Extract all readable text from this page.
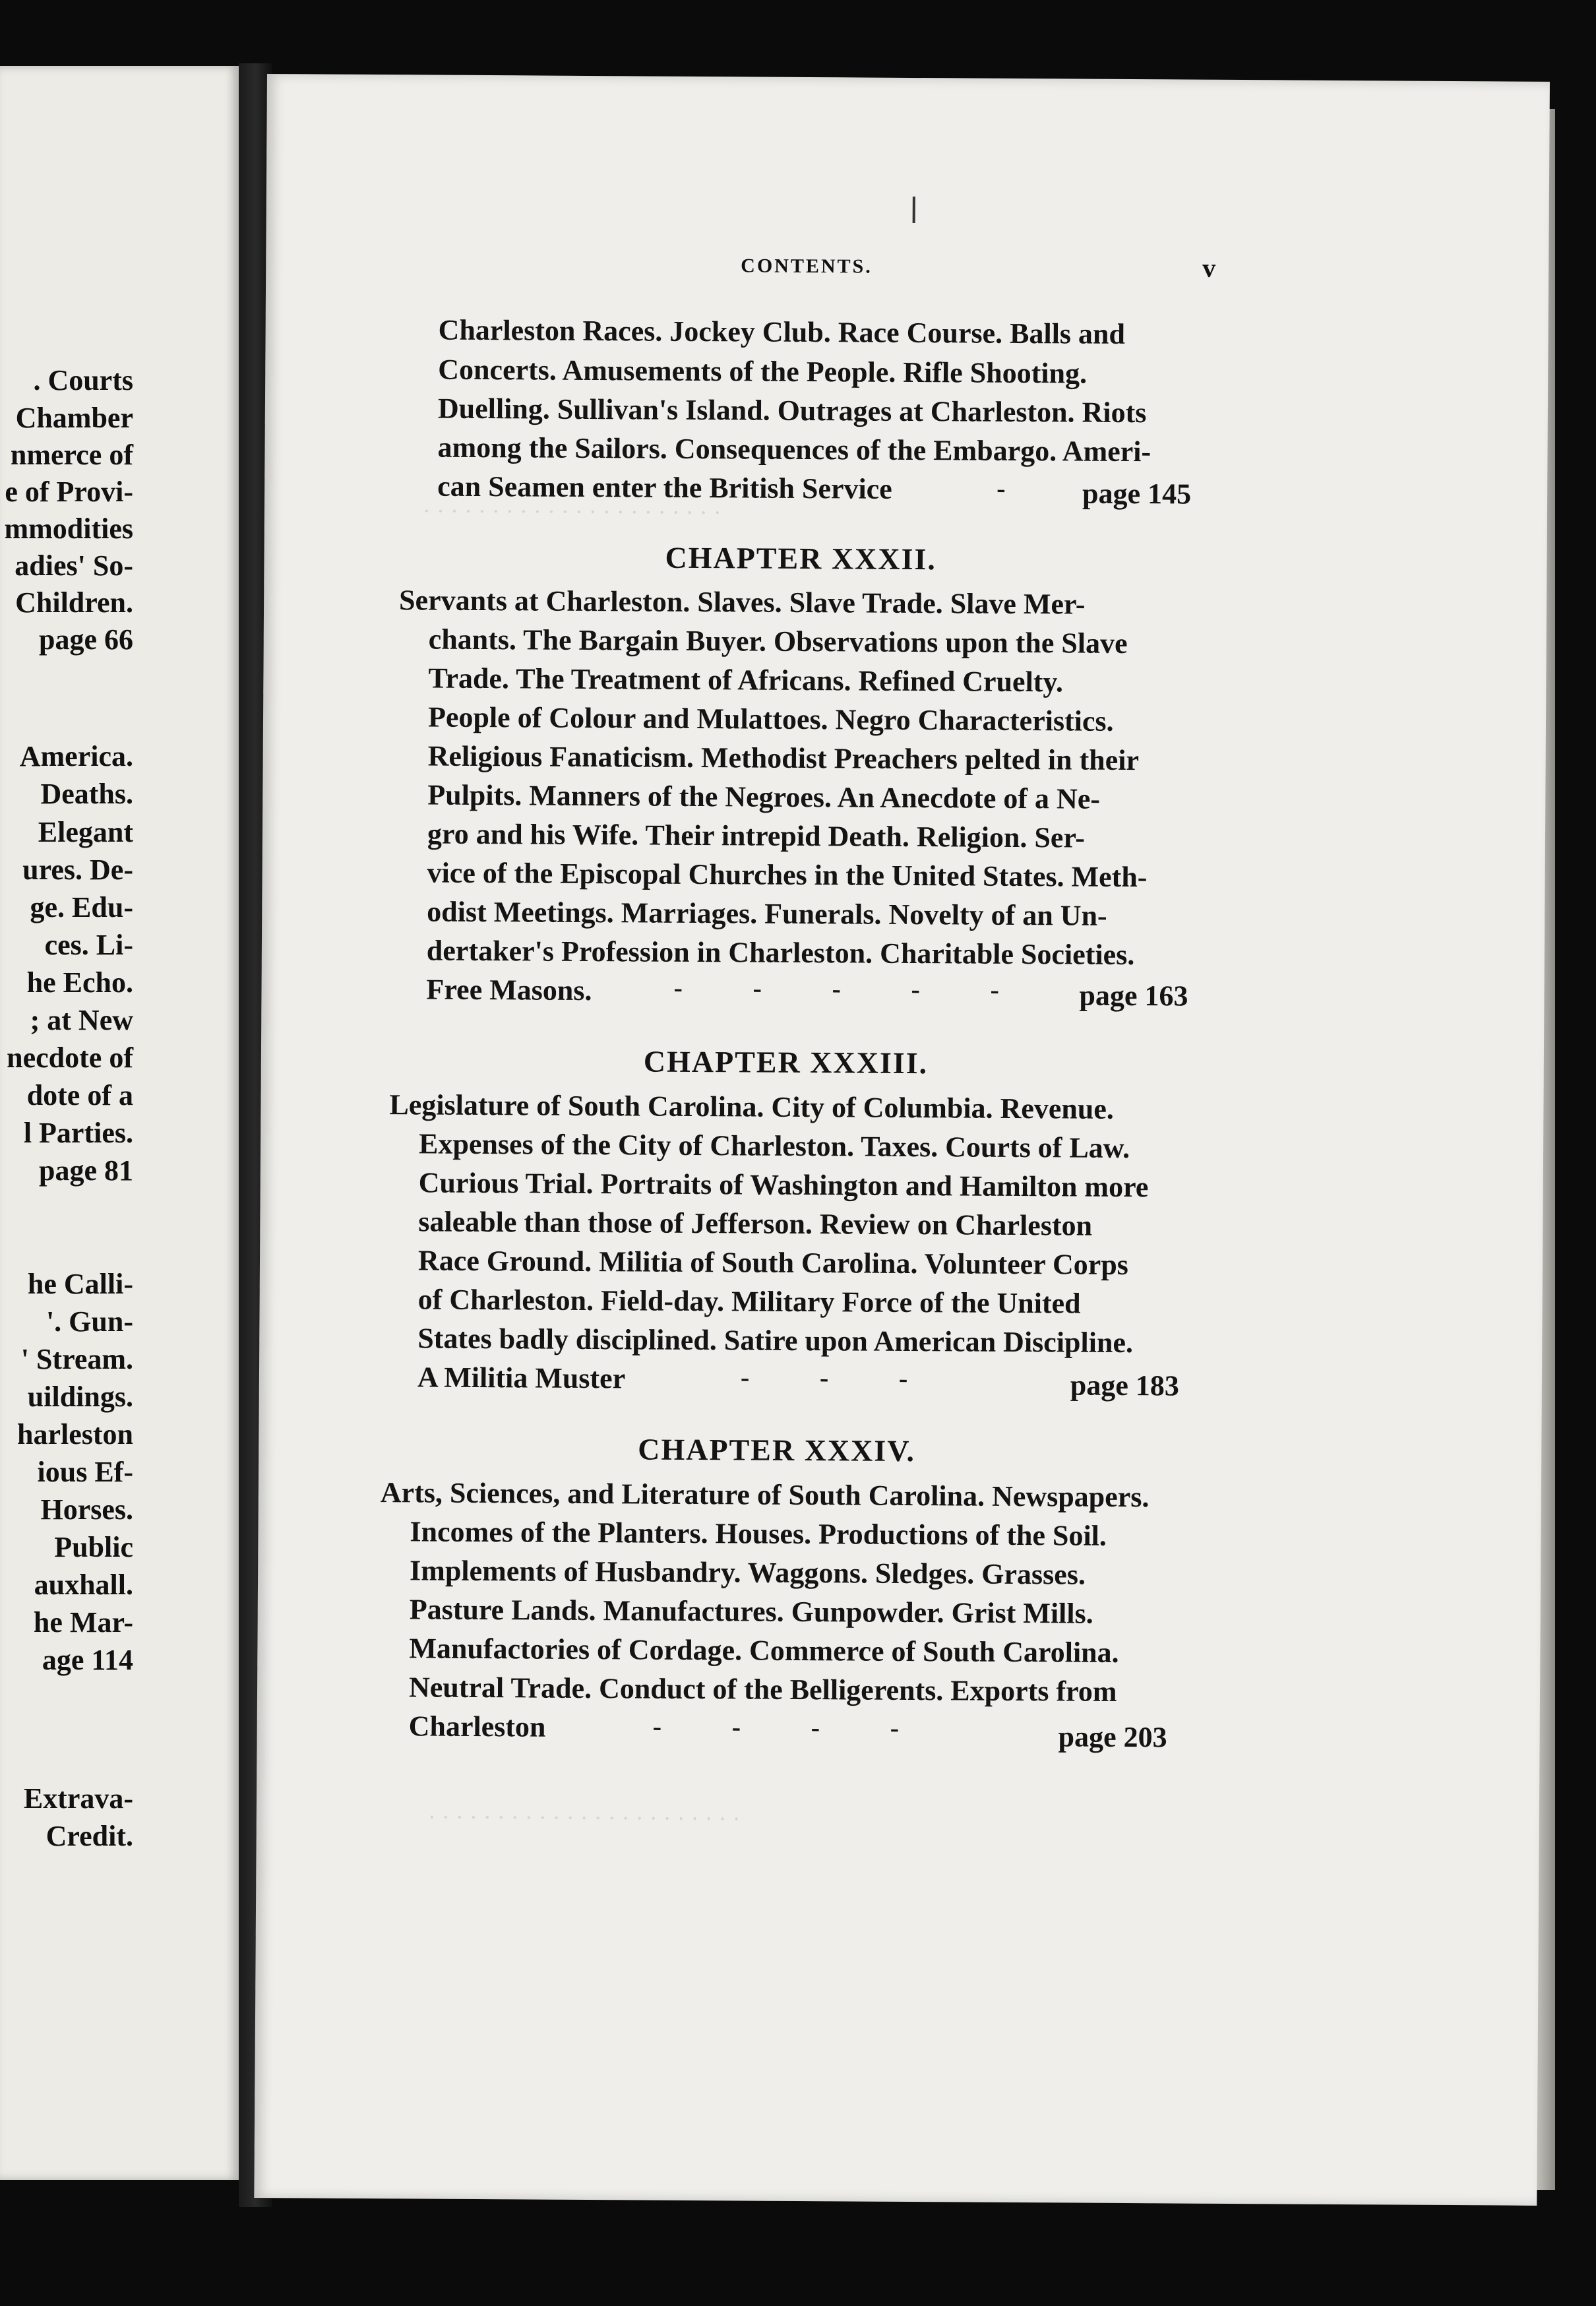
. Courts
Chamber
nmerce of
e of Provi-
mmodities
adies' So-
Children.
page 66
America.
Deaths.
Elegant
ures. De-
ge. Edu-
ces. Li-
he Echo.
; at New
necdote of
dote of a
l Parties.
page 81
he Calli-
'. Gun-
' Stream.
uildings.
harleston
ious Ef-
Horses.
Public
auxhall.
he Mar-
age 114
Extrava-
Credit.
· · · · · · · · · · · · · · · · · · · · · ·
· · · · · · · · · · · · · · · · · · · · · · ·
CONTENTS.	v
Charleston Races. Jockey Club. Race Course. Balls and
Concerts. Amusements of the People. Rifle Shooting.
Duelling. Sullivan's Island. Outrages at Charleston. Riots
among the Sailors. Consequences of the Embargo. Ameri-
can Seamen enter the British Service	-	page 145
CHAPTER XXXII.
Servants at Charleston. Slaves. Slave Trade. Slave Mer-
chants. The Bargain Buyer. Observations upon the Slave
Trade. The Treatment of Africans. Refined Cruelty.
People of Colour and Mulattoes. Negro Characteristics.
Religious Fanaticism. Methodist Preachers pelted in their
Pulpits. Manners of the Negroes. An Anecdote of a Ne-
gro and his Wife. Their intrepid Death. Religion. Ser-
vice of the Episcopal Churches in the United States. Meth-
odist Meetings. Marriages. Funerals. Novelty of an Un-
dertaker's Profession in Charleston. Charitable Societies.
Free Masons.	-	-	-	-	-	page 163
CHAPTER XXXIII.
Legislature of South Carolina. City of Columbia. Revenue.
Expenses of the City of Charleston. Taxes. Courts of Law.
Curious Trial. Portraits of Washington and Hamilton more
saleable than those of Jefferson. Review on Charleston
Race Ground. Militia of South Carolina. Volunteer Corps
of Charleston. Field-day. Military Force of the United
States badly disciplined. Satire upon American Discipline.
A Militia Muster	-	-	-	page 183
CHAPTER XXXIV.
Arts, Sciences, and Literature of South Carolina. Newspapers.
Incomes of the Planters. Houses. Productions of the Soil.
Implements of Husbandry. Waggons. Sledges. Grasses.
Pasture Lands. Manufactures. Gunpowder. Grist Mills.
Manufactories of Cordage. Commerce of South Carolina.
Neutral Trade. Conduct of the Belligerents. Exports from
Charleston	-	-	-	-	page 203
